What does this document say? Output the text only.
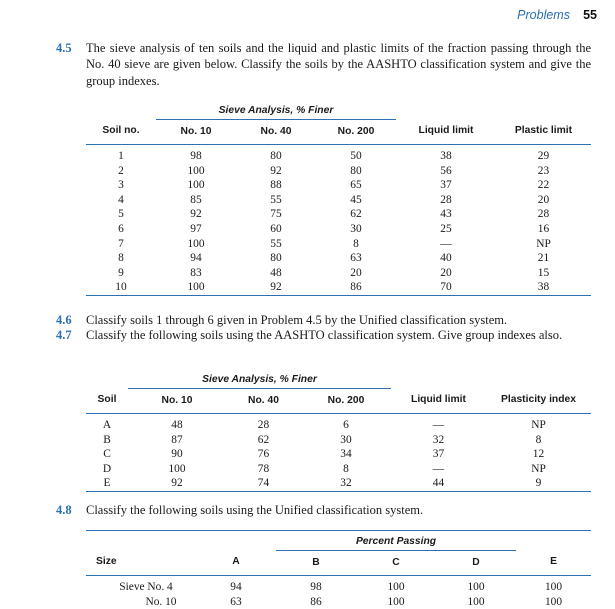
Problems 55
4.5 The sieve analysis of ten soils and the liquid and plastic limits of the fraction passing through the No. 40 sieve are given below. Classify the soils by the AASHTO classification system and give the group indexes.
	Sieve Analysis, % Finer				
Soil no.	No. 10	No. 40	No. 200	Liquid limit	Plastic limit
1	98	80	50	38	29
2	100	92	80	56	23
3	100	88	65	37	22
4	85	55	45	28	20
5	92	75	62	43	28
6	97	60	30	25	16
7	100	55	8	—	NP
8	94	80	63	40	21
9	83	48	20	20	15
10	100	92	86	70	38
4.6 Classify soils 1 through 6 given in Problem 4.5 by the Unified classification system.
4.7 Classify the following soils using the AASHTO classification system. Give group indexes also.
	Sieve Analysis, % Finer				
Soil	No. 10	No. 40	No. 200	Liquid limit	Plasticity index
A	48	28	6	—	NP
B	87	62	30	32	8
C	90	76	34	37	12
D	100	78	8	—	NP
E	92	74	32	44	9
4.8 Classify the following soils using the Unified classification system.
		Percent Passing			
Size	A	B	C	D	E
Sieve No. 4	94	98	100	100	100
No. 10	63	86	100	100	100
